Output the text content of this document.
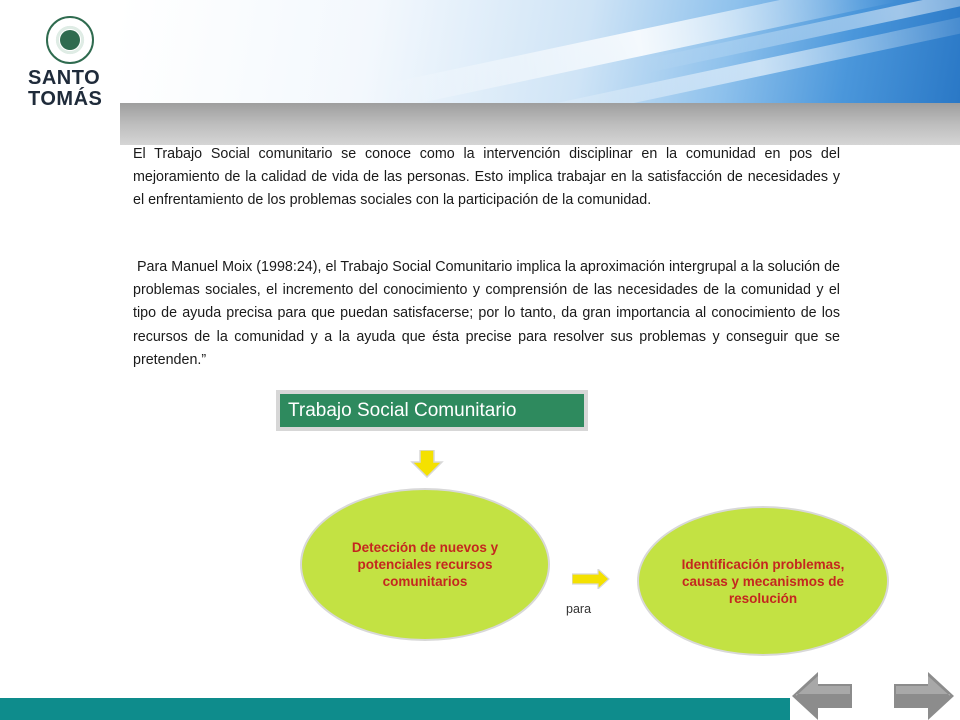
SANTO
TOMÁS

El Trabajo Social comunitario se conoce como la intervención disciplinar en la comunidad en pos del mejoramiento de la calidad de vida de las personas. Esto implica trabajar en la satisfacción de necesidades y el enfrentamiento de los problemas sociales con la participación de la comunidad.

Para Manuel Moix (1998:24), el Trabajo Social Comunitario implica la aproximación intergrupal a la solución de problemas sociales, el incremento del conocimiento y comprensión de las necesidades de la comunidad y el tipo de ayuda precisa para que puedan satisfacerse; por lo tanto, da gran importancia al conocimiento de los recursos de la comunidad y a la ayuda que ésta precise para resolver sus problemas y conseguir que se pretenden.”

Trabajo Social Comunitario
Detección de nuevos y potenciales recursos comunitarios
para
Identificación problemas, causas y mecanismos de resolución
